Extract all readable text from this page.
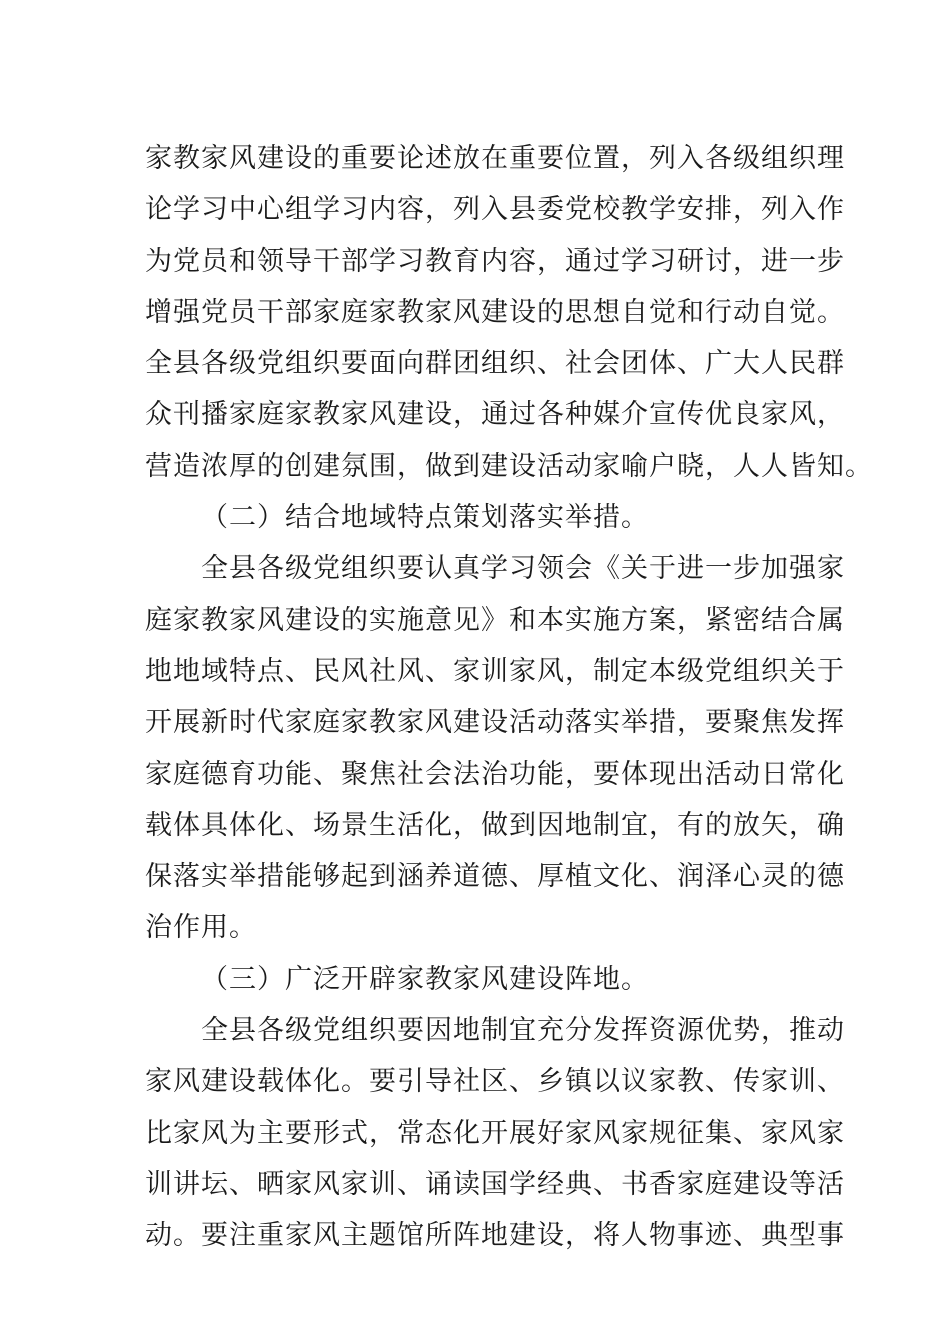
家教家风建设的重要论述放在重要位置，列入各级组织理
论学习中心组学习内容，列入县委党校教学安排，列入作
为党员和领导干部学习教育内容，通过学习研讨，进一步
增强党员干部家庭家教家风建设的思想自觉和行动自觉。
全县各级党组织要面向群团组织、社会团体、广大人民群
众刊播家庭家教家风建设，通过各种媒介宣传优良家风，
营造浓厚的创建氛围，做到建设活动家喻户晓，人人皆知。
（二）结合地域特点策划落实举措。
全县各级党组织要认真学习领会《关于进一步加强家
庭家教家风建设的实施意见》和本实施方案，紧密结合属
地地域特点、民风社风、家训家风，制定本级党组织关于
开展新时代家庭家教家风建设活动落实举措，要聚焦发挥
家庭德育功能、聚焦社会法治功能，要体现出活动日常化
载体具体化、场景生活化，做到因地制宜，有的放矢，确
保落实举措能够起到涵养道德、厚植文化、润泽心灵的德
治作用。
（三）广泛开辟家教家风建设阵地。
全县各级党组织要因地制宜充分发挥资源优势，推动
家风建设载体化。要引导社区、乡镇以议家教、传家训、
比家风为主要形式，常态化开展好家风家规征集、家风家
训讲坛、晒家风家训、诵读国学经典、书香家庭建设等活
动。要注重家风主题馆所阵地建设，将人物事迹、典型事
